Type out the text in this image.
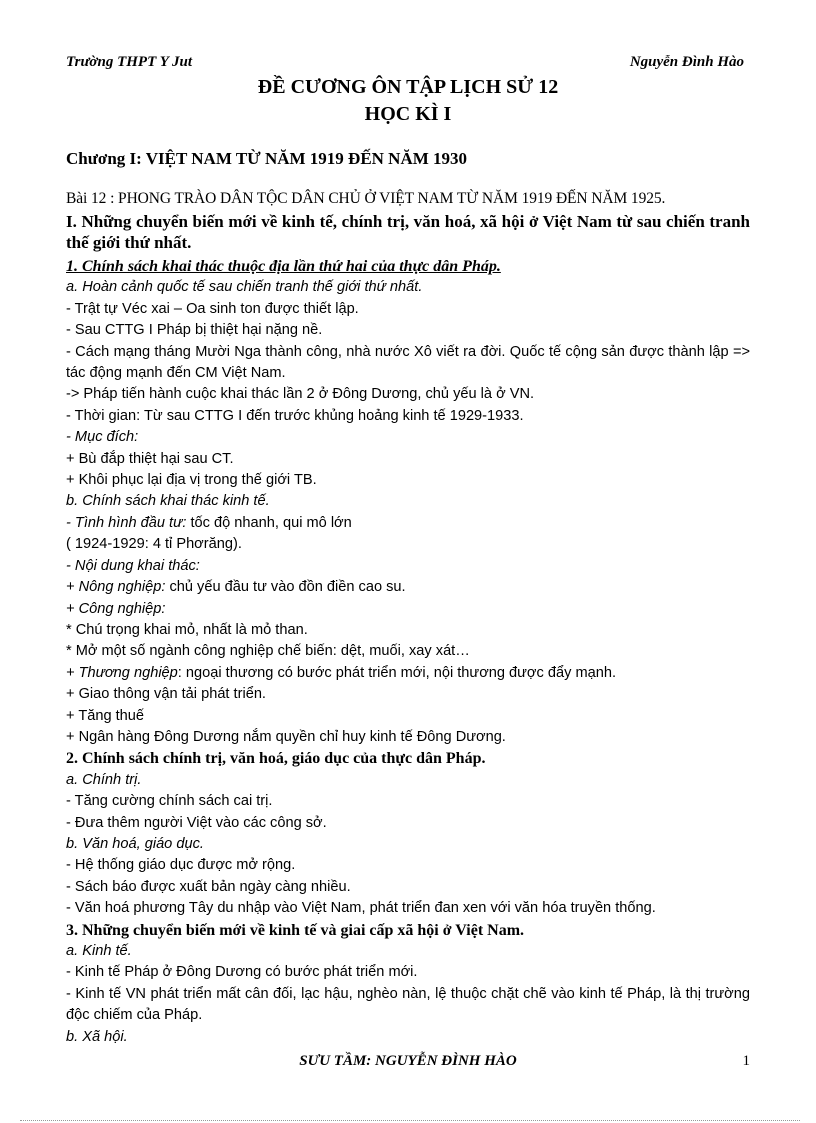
Trường THPT Y Jut	Nguyễn Đình Hào
ĐỀ CƯƠNG ÔN TẬP LỊCH SỬ 12
HỌC KÌ I
Chương I: VIỆT NAM TỪ NĂM 1919 ĐẾN NĂM 1930
Bài 12 : PHONG TRÀO DÂN TỘC DÂN CHỦ Ở VIỆT NAM TỪ NĂM 1919 ĐẾN NĂM 1925.
I. Những chuyển biến mới về kinh tế, chính trị, văn hoá, xã hội ở Việt Nam từ sau chiến tranh thế giới thứ nhất.
1. Chính sách khai thác thuộc địa lần thứ hai của thực dân Pháp.
a. Hoàn cảnh quốc tế sau chiến tranh thế giới thứ nhất.
- Trật tự Véc xai – Oa sinh ton được thiết lập.
- Sau CTTG I Pháp bị thiệt hại nặng nề.
- Cách mạng tháng Mười Nga thành công, nhà nước Xô viết ra đời. Quốc tế cộng sản được thành lập => tác động mạnh đến CM Việt Nam.
-> Pháp tiến hành cuộc khai thác lần 2 ở Đông Dương, chủ yếu là ở VN.
- Thời gian: Từ sau CTTG I đến trước khủng hoảng kinh tế 1929-1933.
- Mục đích:
+ Bù đắp thiệt hại sau CT.
+ Khôi phục lại địa vị trong thế giới TB.
b. Chính sách khai thác kinh tế.
- Tình hình đầu tư: tốc độ nhanh, qui mô lớn
( 1924-1929: 4 tỉ Phơrăng).
- Nội dung khai thác:
+ Nông nghiệp: chủ yếu đầu tư vào đồn điền cao su.
+ Công nghiệp:
* Chú trọng khai mỏ, nhất là mỏ than.
* Mở một số ngành công nghiệp chế biến: dệt, muối, xay xát…
+ Thương nghiệp: ngoại thương có bước phát triển mới, nội thương được đẩy mạnh.
+ Giao thông vận tải phát triển.
+ Tăng thuế
+ Ngân hàng Đông Dương nắm quyền chỉ huy kinh tế Đông Dương.
2. Chính sách chính trị, văn hoá, giáo dục của thực dân Pháp.
a. Chính trị.
- Tăng cường chính sách cai trị.
- Đưa thêm người Việt vào các công sở.
b. Văn hoá, giáo dục.
- Hệ thống giáo dục được mở rộng.
- Sách báo được xuất bản ngày càng nhiều.
- Văn hoá phương Tây du nhập vào Việt Nam, phát triển đan xen với văn hóa truyền thống.
3. Những chuyển biến mới về kinh tế và giai cấp xã hội ở Việt Nam.
a. Kinh tế.
- Kinh tế Pháp ở Đông Dương có bước phát triển mới.
- Kinh tế VN phát triển mất cân đối, lạc hậu, nghèo nàn, lệ thuộc chặt chẽ vào kinh tế Pháp, là thị trường độc chiếm của Pháp.
b. Xã hội.
SƯU TẦM: NGUYỄN ĐÌNH HÀO	1
